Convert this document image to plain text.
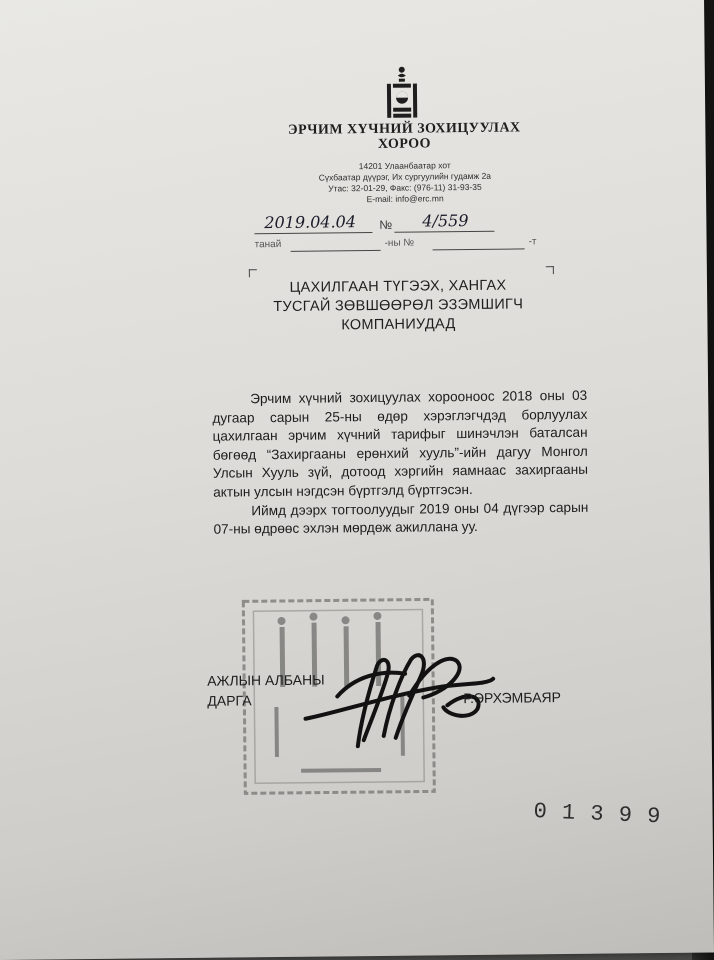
ЭРЧИМ ХҮЧНИЙ ЗОХИЦУУЛАХ
ХОРОО
14201 Улаанбаатар хот
Сүхбаатар дүүрэг, Их сургуулийн гудамж 2а
Утас: 32-01-29, Факс: (976-11) 31-93-35
E-mail: info@erc.mn
2019.04.04 № 4/559
танай	-ны №	-т
ЦАХИЛГААН ТҮГЭЭХ, ХАНГАХ
ТУСГАЙ ЗӨВШӨӨРӨЛ ЭЗЭМШИГЧ
КОМПАНИУДАД

Эрчим хүчний зохицуулах хорооноос 2018 оны 03 дугаар сарын 25-ны өдөр хэрэглэгчдэд борлуулах цахилгаан эрчим хүчний тарифыг шинэчлэн баталсан бөгөөд “Захиргааны ерөнхий хууль”-ийн дагуу Монгол Улсын Хууль зүй, дотоод хэргийн яамнаас захиргааны актын улсын нэгдсэн бүртгэлд бүртгэсэн.

Иймд дээрх тогтоолуудыг 2019 оны 04 дүгээр сарын 07-ны өдрөөс эхлэн мөрдөж ажиллана уу.

АЖЛЫН АЛБАНЫ
ДАРГА	Р.ЭРХЭМБАЯР
0 1 3 9 9
